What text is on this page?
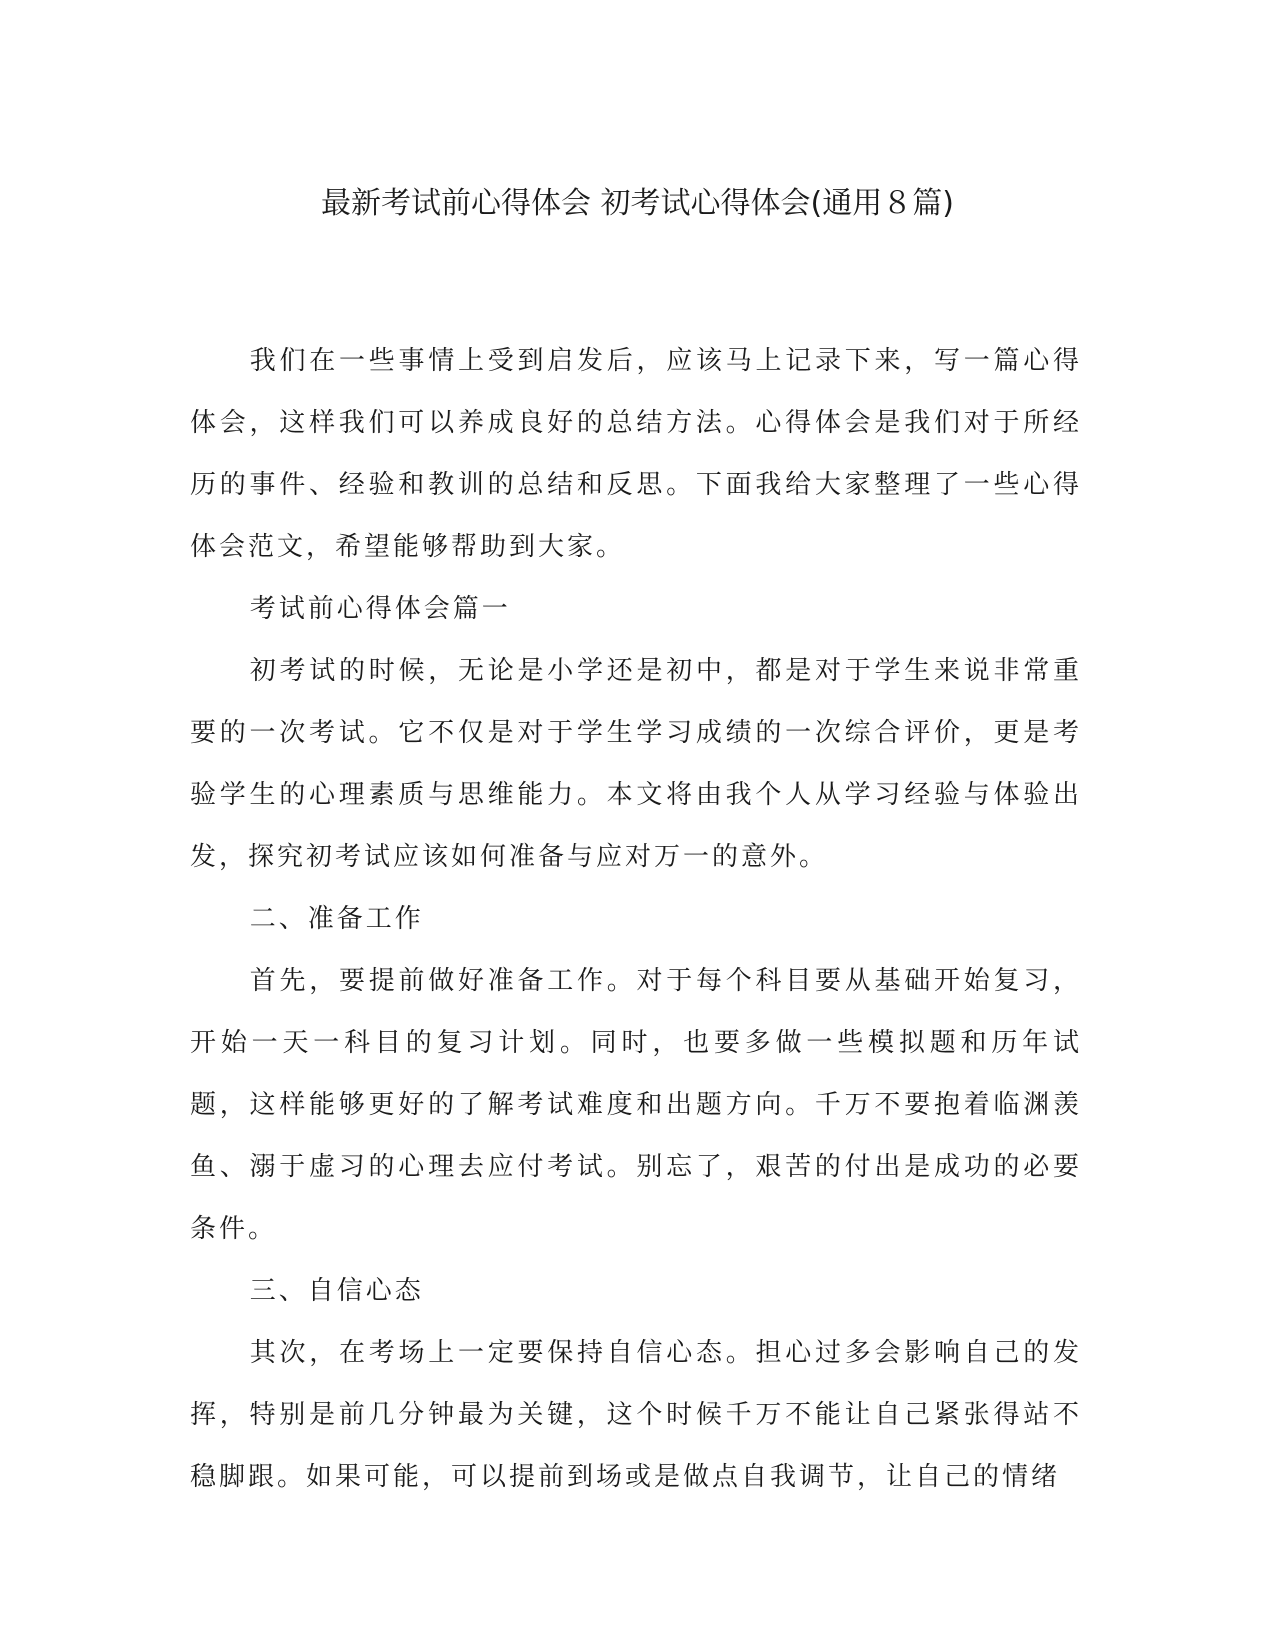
最新考试前心得体会 初考试心得体会(通用８篇)

我们在一些事情上受到启发后，应该马上记录下来，写一篇心得体会，这样我们可以养成良好的总结方法。心得体会是我们对于所经历的事件、经验和教训的总结和反思。下面我给大家整理了一些心得体会范文，希望能够帮助到大家。

考试前心得体会篇一

初考试的时候，无论是小学还是初中，都是对于学生来说非常重要的一次考试。它不仅是对于学生学习成绩的一次综合评价，更是考验学生的心理素质与思维能力。本文将由我个人从学习经验与体验出发，探究初考试应该如何准备与应对万一的意外。

二、准备工作

首先，要提前做好准备工作。对于每个科目要从基础开始复习，开始一天一科目的复习计划。同时，也要多做一些模拟题和历年试题，这样能够更好的了解考试难度和出题方向。千万不要抱着临渊羡鱼、溺于虚习的心理去应付考试。别忘了，艰苦的付出是成功的必要条件。

三、自信心态

其次，在考场上一定要保持自信心态。担心过多会影响自己的发挥，特别是前几分钟最为关键，这个时候千万不能让自己紧张得站不稳脚跟。如果可能，可以提前到场或是做点自我调节，让自己的情绪
